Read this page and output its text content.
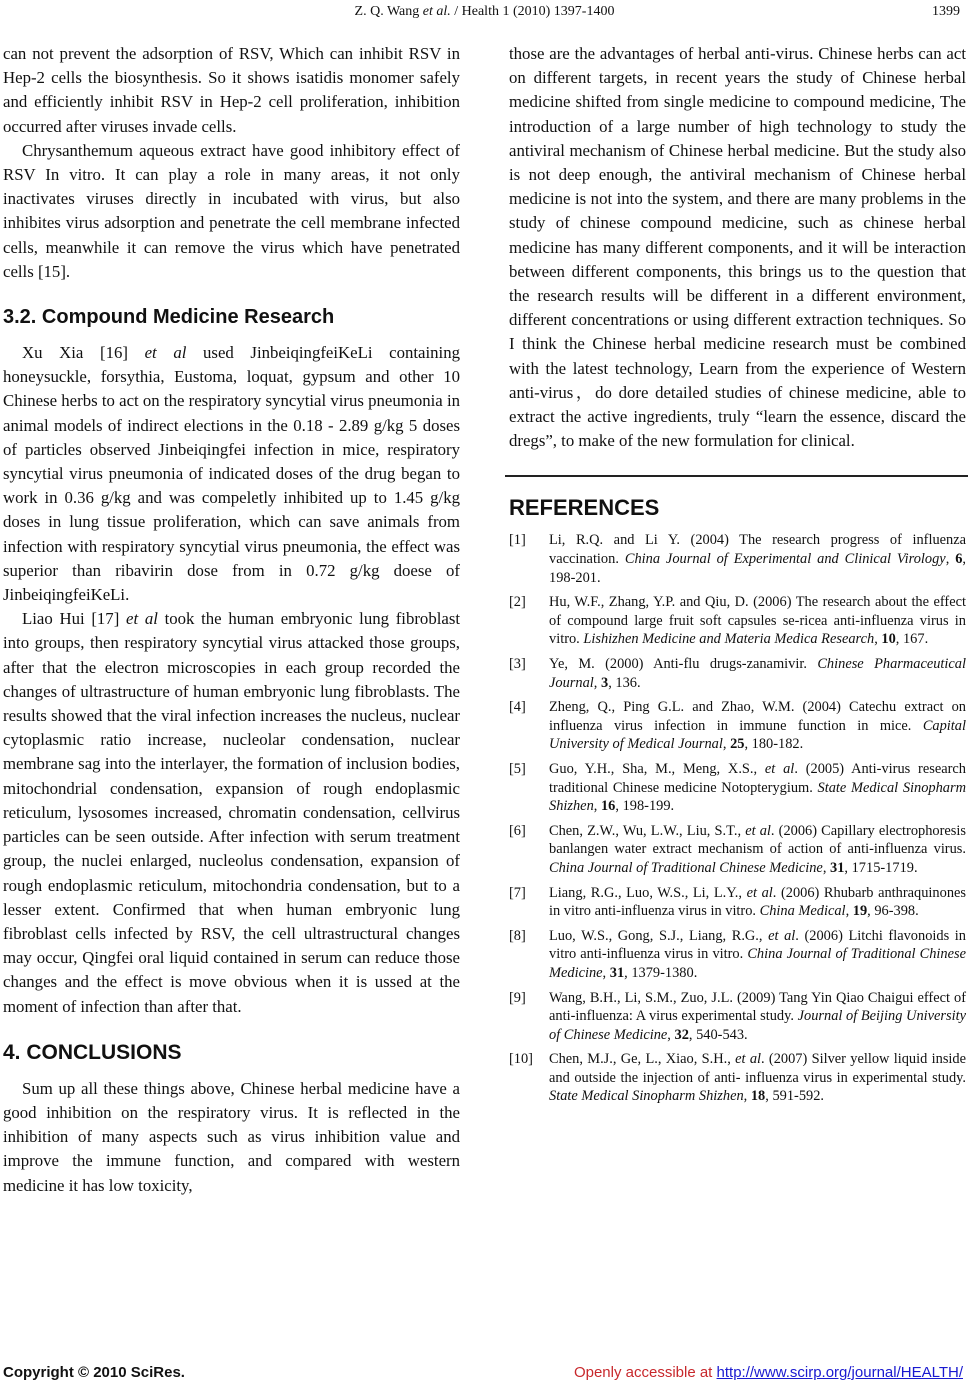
Z. Q. Wang et al. / Health 1 (2010) 1397-1400	1399

can not prevent the adsorption of RSV, Which can inhibit RSV in Hep-2 cells the biosynthesis. So it shows isatidis monomer safely and efficiently inhibit RSV in Hep-2 cell proliferation, inhibition occurred after viruses invade cells.

Chrysanthemum aqueous extract have good inhibitory effect of RSV In vitro. It can play a role in many areas, it not only inactivates viruses directly in incubated with virus, but also inhibites virus adsorption and penetrate the cell membrane infected cells, meanwhile it can remove the virus which have penetrated cells [15].

3.2. Compound Medicine Research

Xu Xia [16] et al used JinbeiqingfeiKeLi containing honeysuckle, forsythia, Eustoma, loquat, gypsum and other 10 Chinese herbs to act on the respiratory syncytial virus pneumonia in animal models of indirect elections in the 0.18 - 2.89 g/kg 5 doses of particles observed Jinbeiqingfei infection in mice, respiratory syncytial virus pneumonia of indicated doses of the drug began to work in 0.36 g/kg and was compeletly inhibited up to 1.45 g/kg doses in lung tissue proliferation, which can save animals from infection with respiratory syncytial virus pneumonia, the effect was superior than ribavirin dose from in 0.72 g/kg doese of JinbeiqingfeiKeLi.

Liao Hui [17] et al took the human embryonic lung fibroblast into groups, then respiratory syncytial virus attacked those groups, after that the electron microscopies in each group recorded the changes of ultrastructure of human embryonic lung fibroblasts. The results showed that the viral infection increases the nucleus, nuclear cytoplasmic ratio increase, nucleolar condensation, nuclear membrane sag into the interlayer, the formation of inclusion bodies, mitochondrial condensation, expansion of rough endoplasmic reticulum, lysosomes increased, chromatin condensation, cellvirus particles can be seen outside. After infection with serum treatment group, the nuclei enlarged, nucleolus condensation, expansion of rough endoplasmic reticulum, mitochondria condensation, but to a lesser extent. Confirmed that when human embryonic lung fibroblast cells infected by RSV, the cell ultrastructural changes may occur, Qingfei oral liquid contained in serum can reduce those changes and the effect is move obvious when it is ussed at the moment of infection than after that.

4. CONCLUSIONS

Sum up all these things above, Chinese herbal medicine have a good inhibition on the respiratory virus. It is reflected in the inhibition of many aspects such as virus inhibition value and improve the immune function, and compared with western medicine it has low toxicity,

those are the advantages of herbal anti-virus. Chinese herbs can act on different targets, in recent years the study of Chinese herbal medicine shifted from single medicine to compound medicine, The introduction of a large number of high technology to study the antiviral mechanism of Chinese herbal medicine. But the study also is not deep enough, the antiviral mechanism of Chinese herbal medicine is not into the system, and there are many problems in the study of chinese compound medicine, such as chinese herbal medicine has many different components, and it will be interaction between different components, this brings us to the question that the research results will be different in a different environment, different concentrations or using different extraction techniques. So I think the Chinese herbal medicine research must be combined with the latest technology, Learn from the experience of Western anti-virus，do dore detailed studies of chinese medicine, able to extract the active ingredients, truly “learn the essence, discard the dregs”, to make of the new formulation for clinical.

REFERENCES
[1]	Li, R.Q. and Li Y. (2004) The research progress of influenza vaccination. China Journal of Experimental and Clinical Virology, 6, 198-201.
[2]	Hu, W.F., Zhang, Y.P. and Qiu, D. (2006) The research about the effect of compound large fruit soft capsules se-ricea anti-influenza virus in vitro. Lishizhen Medicine and Materia Medica Research, 10, 167.
[3]	Ye, M. (2000) Anti-flu drugs-zanamivir. Chinese Pharmaceutical Journal, 3, 136.
[4]	Zheng, Q., Ping G.L. and Zhao, W.M. (2004) Catechu extract on influenza virus infection in immune function in mice. Capital University of Medical Journal, 25, 180-182.
[5]	Guo, Y.H., Sha, M., Meng, X.S., et al. (2005) Anti-virus research traditional Chinese medicine Notopterygium. State Medical Sinopharm Shizhen, 16, 198-199.
[6]	Chen, Z.W., Wu, L.W., Liu, S.T., et al. (2006) Capillary electrophoresis banlangen water extract mechanism of action of anti-influenza virus. China Journal of Traditional Chinese Medicine, 31, 1715-1719.
[7]	Liang, R.G., Luo, W.S., Li, L.Y., et al. (2006) Rhubarb anthraquinones in vitro anti-influenza virus in vitro. China Medical, 19, 96-398.
[8]	Luo, W.S., Gong, S.J., Liang, R.G., et al. (2006) Litchi flavonoids in vitro anti-influenza virus in vitro. China Journal of Traditional Chinese Medicine, 31, 1379-1380.
[9]	Wang, B.H., Li, S.M., Zuo, J.L. (2009) Tang Yin Qiao Chaigui effect of anti-influenza: A virus experimental study. Journal of Beijing University of Chinese Medicine, 32, 540-543.
[10]	Chen, M.J., Ge, L., Xiao, S.H., et al. (2007) Silver yellow liquid inside and outside the injection of anti- influenza virus in experimental study. State Medical Sinopharm Shizhen, 18, 591-592.
Copyright © 2010 SciRes.	Openly accessible at http://www.scirp.org/journal/HEALTH/
